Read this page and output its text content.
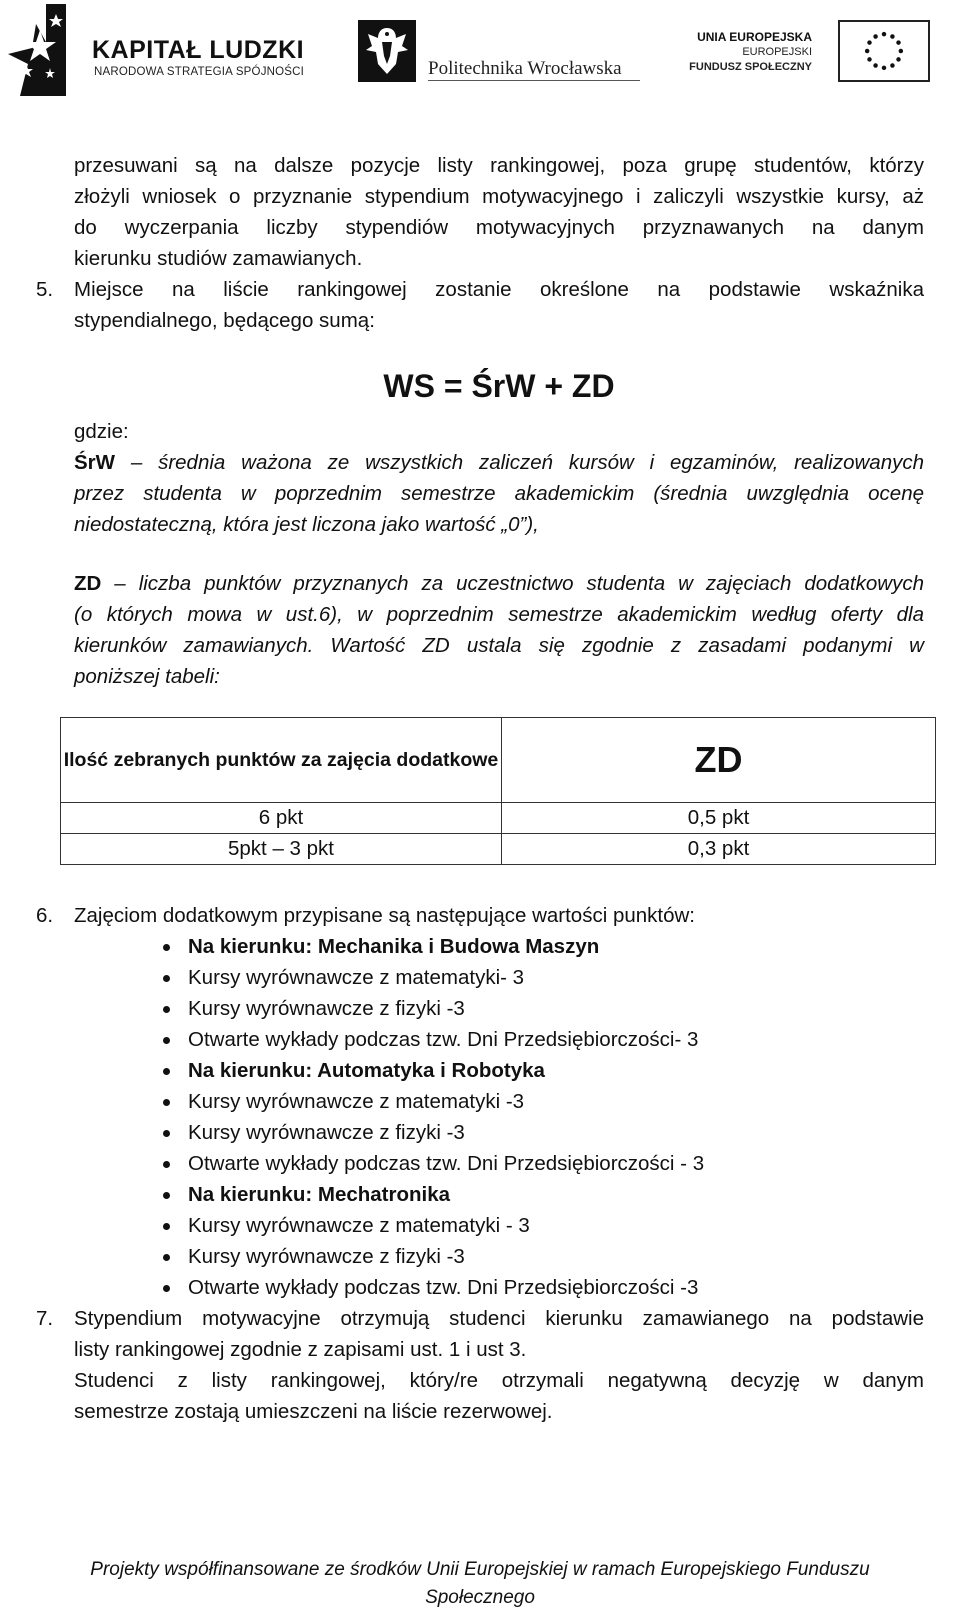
KAPITAŁ LUDZKI
NARODOWA STRATEGIA SPÓJNOŚCI	Politechnika Wrocławska
UNIA EUROPEJSKA
EUROPEJSKI
FUNDUSZ SPOŁECZNY

przesuwani są na dalsze pozycje listy rankingowej, poza grupę studentów, którzy

złożyli wniosek o przyznanie stypendium motywacyjnego i zaliczyli wszystkie kursy, aż

do wyczerpania liczby stypendiów motywacyjnych przyznawanych na danym

kierunku studiów zamawianych.

5. Miejsce na liście rankingowej zostanie określone na podstawie wskaźnika

stypendialnego, będącego sumą:

WS = ŚrW + ZD

gdzie:

ŚrW – średnia ważona ze wszystkich zaliczeń kursów i egzaminów, realizowanych

przez studenta w poprzednim semestrze akademickim (średnia uwzględnia ocenę

niedostateczną, która jest liczona jako wartość „0”),

ZD – liczba punktów przyznanych za uczestnictwo studenta w zajęciach dodatkowych

(o których mowa w ust.6), w poprzednim semestrze akademickim według oferty dla

kierunków zamawianych. Wartość ZD ustala się zgodnie z zasadami podanymi w

poniższej tabeli:

Ilość zebranych punktów za zajęcia dodatkowe	ZD
6 pkt	0,5 pkt
5pkt – 3 pkt	0,3 pkt
6. Zajęciom dodatkowym przypisane są następujące wartości punktów:

Na kierunku: Mechanika i Budowa Maszyn
Kursy wyrównawcze z matematyki- 3
Kursy wyrównawcze z fizyki -3
Otwarte wykłady podczas tzw. Dni Przedsiębiorczości- 3
Na kierunku: Automatyka i Robotyka
Kursy wyrównawcze z matematyki -3
Kursy wyrównawcze z fizyki -3
Otwarte wykłady podczas tzw. Dni Przedsiębiorczości - 3
Na kierunku: Mechatronika
Kursy wyrównawcze z matematyki - 3
Kursy wyrównawcze z fizyki -3
Otwarte wykłady podczas tzw. Dni Przedsiębiorczości -3
7. Stypendium motywacyjne otrzymują studenci kierunku zamawianego na podstawie

listy rankingowej zgodnie z zapisami ust. 1 i ust 3.

Studenci z listy rankingowej, który/re otrzymali negatywną decyzję w danym

semestrze zostają umieszczeni na liście rezerwowej.

Projekty współfinansowane ze środków Unii Europejskiej w ramach Europejskiego Funduszu
Społecznego
